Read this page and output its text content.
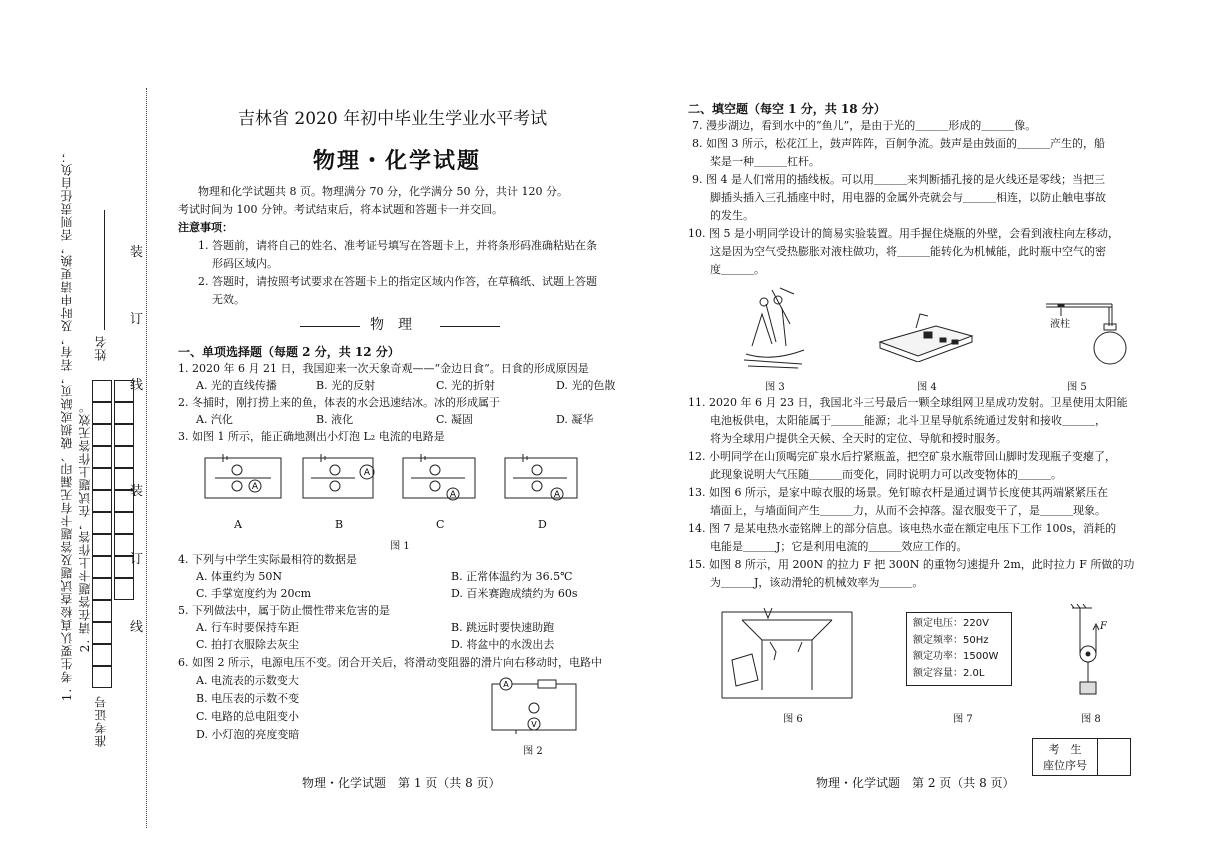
1. 考生要认真检查试题及答题卡有无漏印、破损或缺页，若有，及时申请更换，否则责任自负； 2. 请在答题卡上作答，在试题上作答无效。
姓名
准考证号
装
订
线
装
订
线
吉林省 2020 年初中毕业生学业水平考试
物理・化学试题
物理和化学试题共 8 页。物理满分 70 分，化学满分 50 分，共计 120 分。
考试时间为 100 分钟。考试结束后，将本试题和答题卡一并交回。
注意事项：
1. 答题前，请将自己的姓名、准考证号填写在答题卡上，并将条形码准确粘贴在条
形码区域内。
2. 答题时，请按照考试要求在答题卡上的指定区域内作答，在草稿纸、试题上答题
无效。
物　理
一、单项选择题（每题 2 分，共 12 分）
1. 2020 年 6 月 21 日，我国迎来一次天象奇观——“金边日食”。日食的形成原因是
A. 光的直线传播	B. 光的反射	C. 光的折射	D. 光的色散
2. 冬捕时，刚打捞上来的鱼，体表的水会迅速结冰。冰的形成属于
A. 汽化	B. 液化	C. 凝固	D. 凝华
3. 如图 1 所示，能正确地测出小灯泡 L₂ 电流的电路是
A
A
A	A
A	B	C	D
图 1
4. 下列与中学生实际最相符的数据是
A. 体重约为 50N	B. 正常体温约为 36.5℃
C. 手掌宽度约为 20cm	D. 百米赛跑成绩约为 60s
5. 下列做法中，属于防止惯性带来危害的是
A. 行车时要保持车距	B. 跳远时要快速助跑
C. 拍打衣服除去灰尘	D. 将盆中的水泼出去
6. 如图 2 所示，电源电压不变。闭合开关后，将滑动变阻器的滑片向右移动时，电路中
A. 电流表的示数变大
B. 电压表的示数不变
C. 电路的总电阻变小
D. 小灯泡的亮度变暗
A
V
图 2
物理・化学试题　第 1 页（共 8 页）
二、填空题（每空 1 分，共 18 分）
7. 漫步湖边，看到水中的“鱼儿”，是由于光的＿＿＿形成的＿＿＿像。
8. 如图 3 所示，松花江上，鼓声阵阵，百舸争流。鼓声是由鼓面的＿＿＿产生的，船
桨是一种＿＿＿杠杆。
9. 图 4 是人们常用的插线板。可以用＿＿＿来判断插孔接的是火线还是零线；当把三
脚插头插入三孔插座中时，用电器的金属外壳就会与＿＿＿相连，以防止触电事故
的发生。
10. 图 5 是小明同学设计的简易实验装置。用手握住烧瓶的外壁，会看到液柱向左移动，
这是因为空气受热膨胀对液柱做功，将＿＿＿能转化为机械能，此时瓶中空气的密
度＿＿＿。
图 3	图 4
液柱
图 5
11. 2020 年 6 月 23 日，我国北斗三号最后一颗全球组网卫星成功发射。卫星使用太阳能
电池板供电，太阳能属于＿＿＿能源；北斗卫星导航系统通过发射和接收＿＿＿，
将为全球用户提供全天候、全天时的定位、导航和授时服务。
12. 小明同学在山顶喝完矿泉水后拧紧瓶盖，把空矿泉水瓶带回山脚时发现瓶子变瘪了，
此现象说明大气压随＿＿＿而变化，同时说明力可以改变物体的＿＿＿。
13. 如图 6 所示，是家中晾衣服的场景。免钉晾衣杆是通过调节长度使其两端紧紧压在
墙面上，与墙面间产生＿＿＿力，从而不会掉落。湿衣服变干了，是＿＿＿现象。
14. 图 7 是某电热水壶铭牌上的部分信息。该电热水壶在额定电压下工作 100s，消耗的
电能是＿＿＿J；它是利用电流的＿＿＿效应工作的。
15. 如图 8 所示，用 200N 的拉力 F 把 300N 的重物匀速提升 2m，此时拉力 F 所做的功
为＿＿＿J，该动滑轮的机械效率为＿＿＿。
图 6
额定电压：220V
额定频率：50Hz
额定功率：1500W
额定容量：2.0L
图 7
F
图 8
考　生
座位序号

物理・化学试题　第 2 页（共 8 页）
